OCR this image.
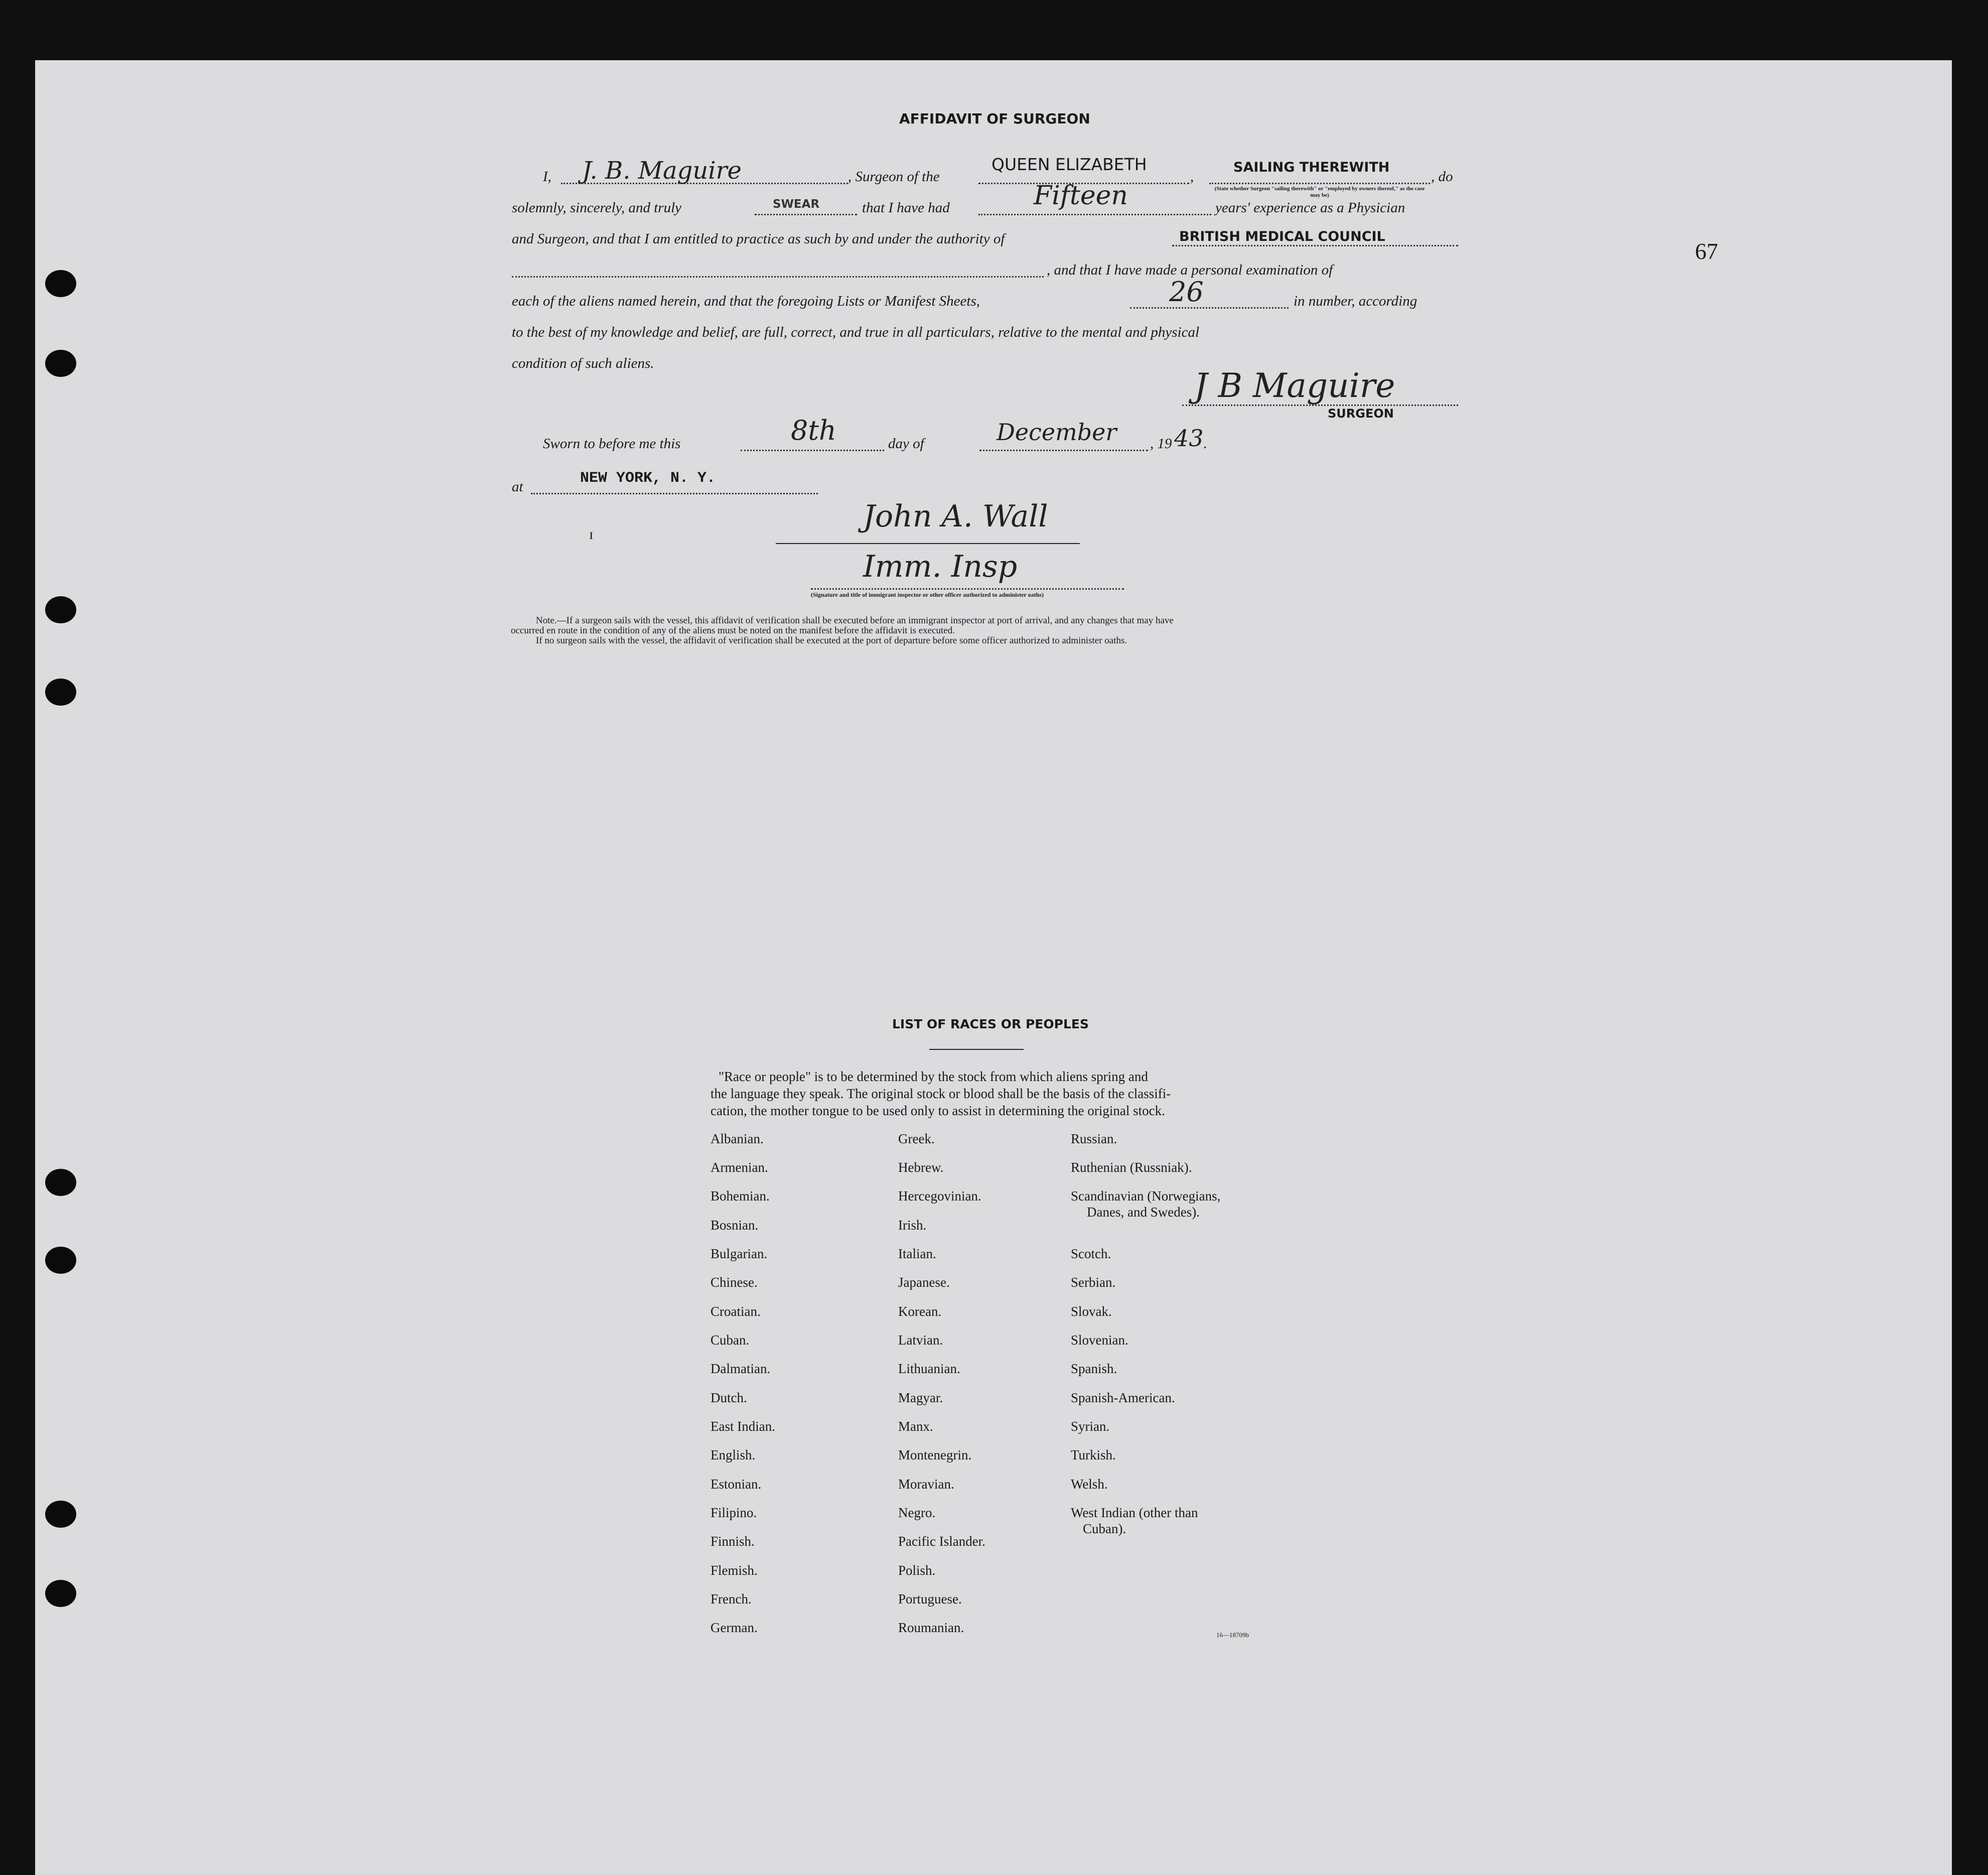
67
AFFIDAVIT OF SURGEON
I, J. B. Maguire	, Surgeon of the
QUEEN ELIZABETH
,
SAILING THEREWITH
(State whether Surgeon "sailing therewith" or "employed by owners thereof," as the case may be)
, do
solemnly, sincerely, and truly	SWEAR	that I have had	Fifteen	years' experience as a Physician
and Surgeon, and that I am entitled to practice as such by and under the authority of	BRITISH MEDICAL COUNCIL
, and that I have made a personal examination of
each of the aliens named herein, and that the foregoing Lists or Manifest Sheets,	26	in number, according
to the best of my knowledge and belief, are full, correct, and true in all particulars, relative to the mental and physical
condition of such aliens.
J B Maguire
SURGEON
Sworn to before me this	8th	day of	December , 19 43 .
at	NEW YORK, N. Y.
ɪ
John A. Wall
Imm. Insp
(Signature and title of immigrant inspector or other officer authorized to administer oaths)
Note.—If a surgeon sails with the vessel, this affidavit of verification shall be executed before an immigrant inspector at port of arrival, and any changes that may have
occurred en route in the condition of any of the aliens must be noted on the manifest before the affidavit is executed.
If no surgeon sails with the vessel, the affidavit of verification shall be executed at the port of departure before some officer authorized to administer oaths.
LIST OF RACES OR PEOPLES
"Race or people" is to be determined by the stock from which aliens spring and
the language they speak. The original stock or blood shall be the basis of the classifi-
cation, the mother tongue to be used only to assist in determining the original stock.
Albanian.
Armenian.
Bohemian.
Bosnian.
Bulgarian.
Chinese.
Croatian.
Cuban.
Dalmatian.
Dutch.
East Indian.
English.
Estonian.
Filipino.
Finnish.
Flemish.
French.
German.
Greek.
Hebrew.
Hercegovinian.
Irish.
Italian.
Japanese.
Korean.
Latvian.
Lithuanian.
Magyar.
Manx.
Montenegrin.
Moravian.
Negro.
Pacific Islander.
Polish.
Portuguese.
Roumanian.
Russian.
Ruthenian (Russniak).
Scandinavian (Norwegians,
Danes, and Swedes).
Scotch.
Serbian.
Slovak.
Slovenian.
Spanish.
Spanish-American.
Syrian.
Turkish.
Welsh.
West Indian (other than
Cuban).
16—18709b
